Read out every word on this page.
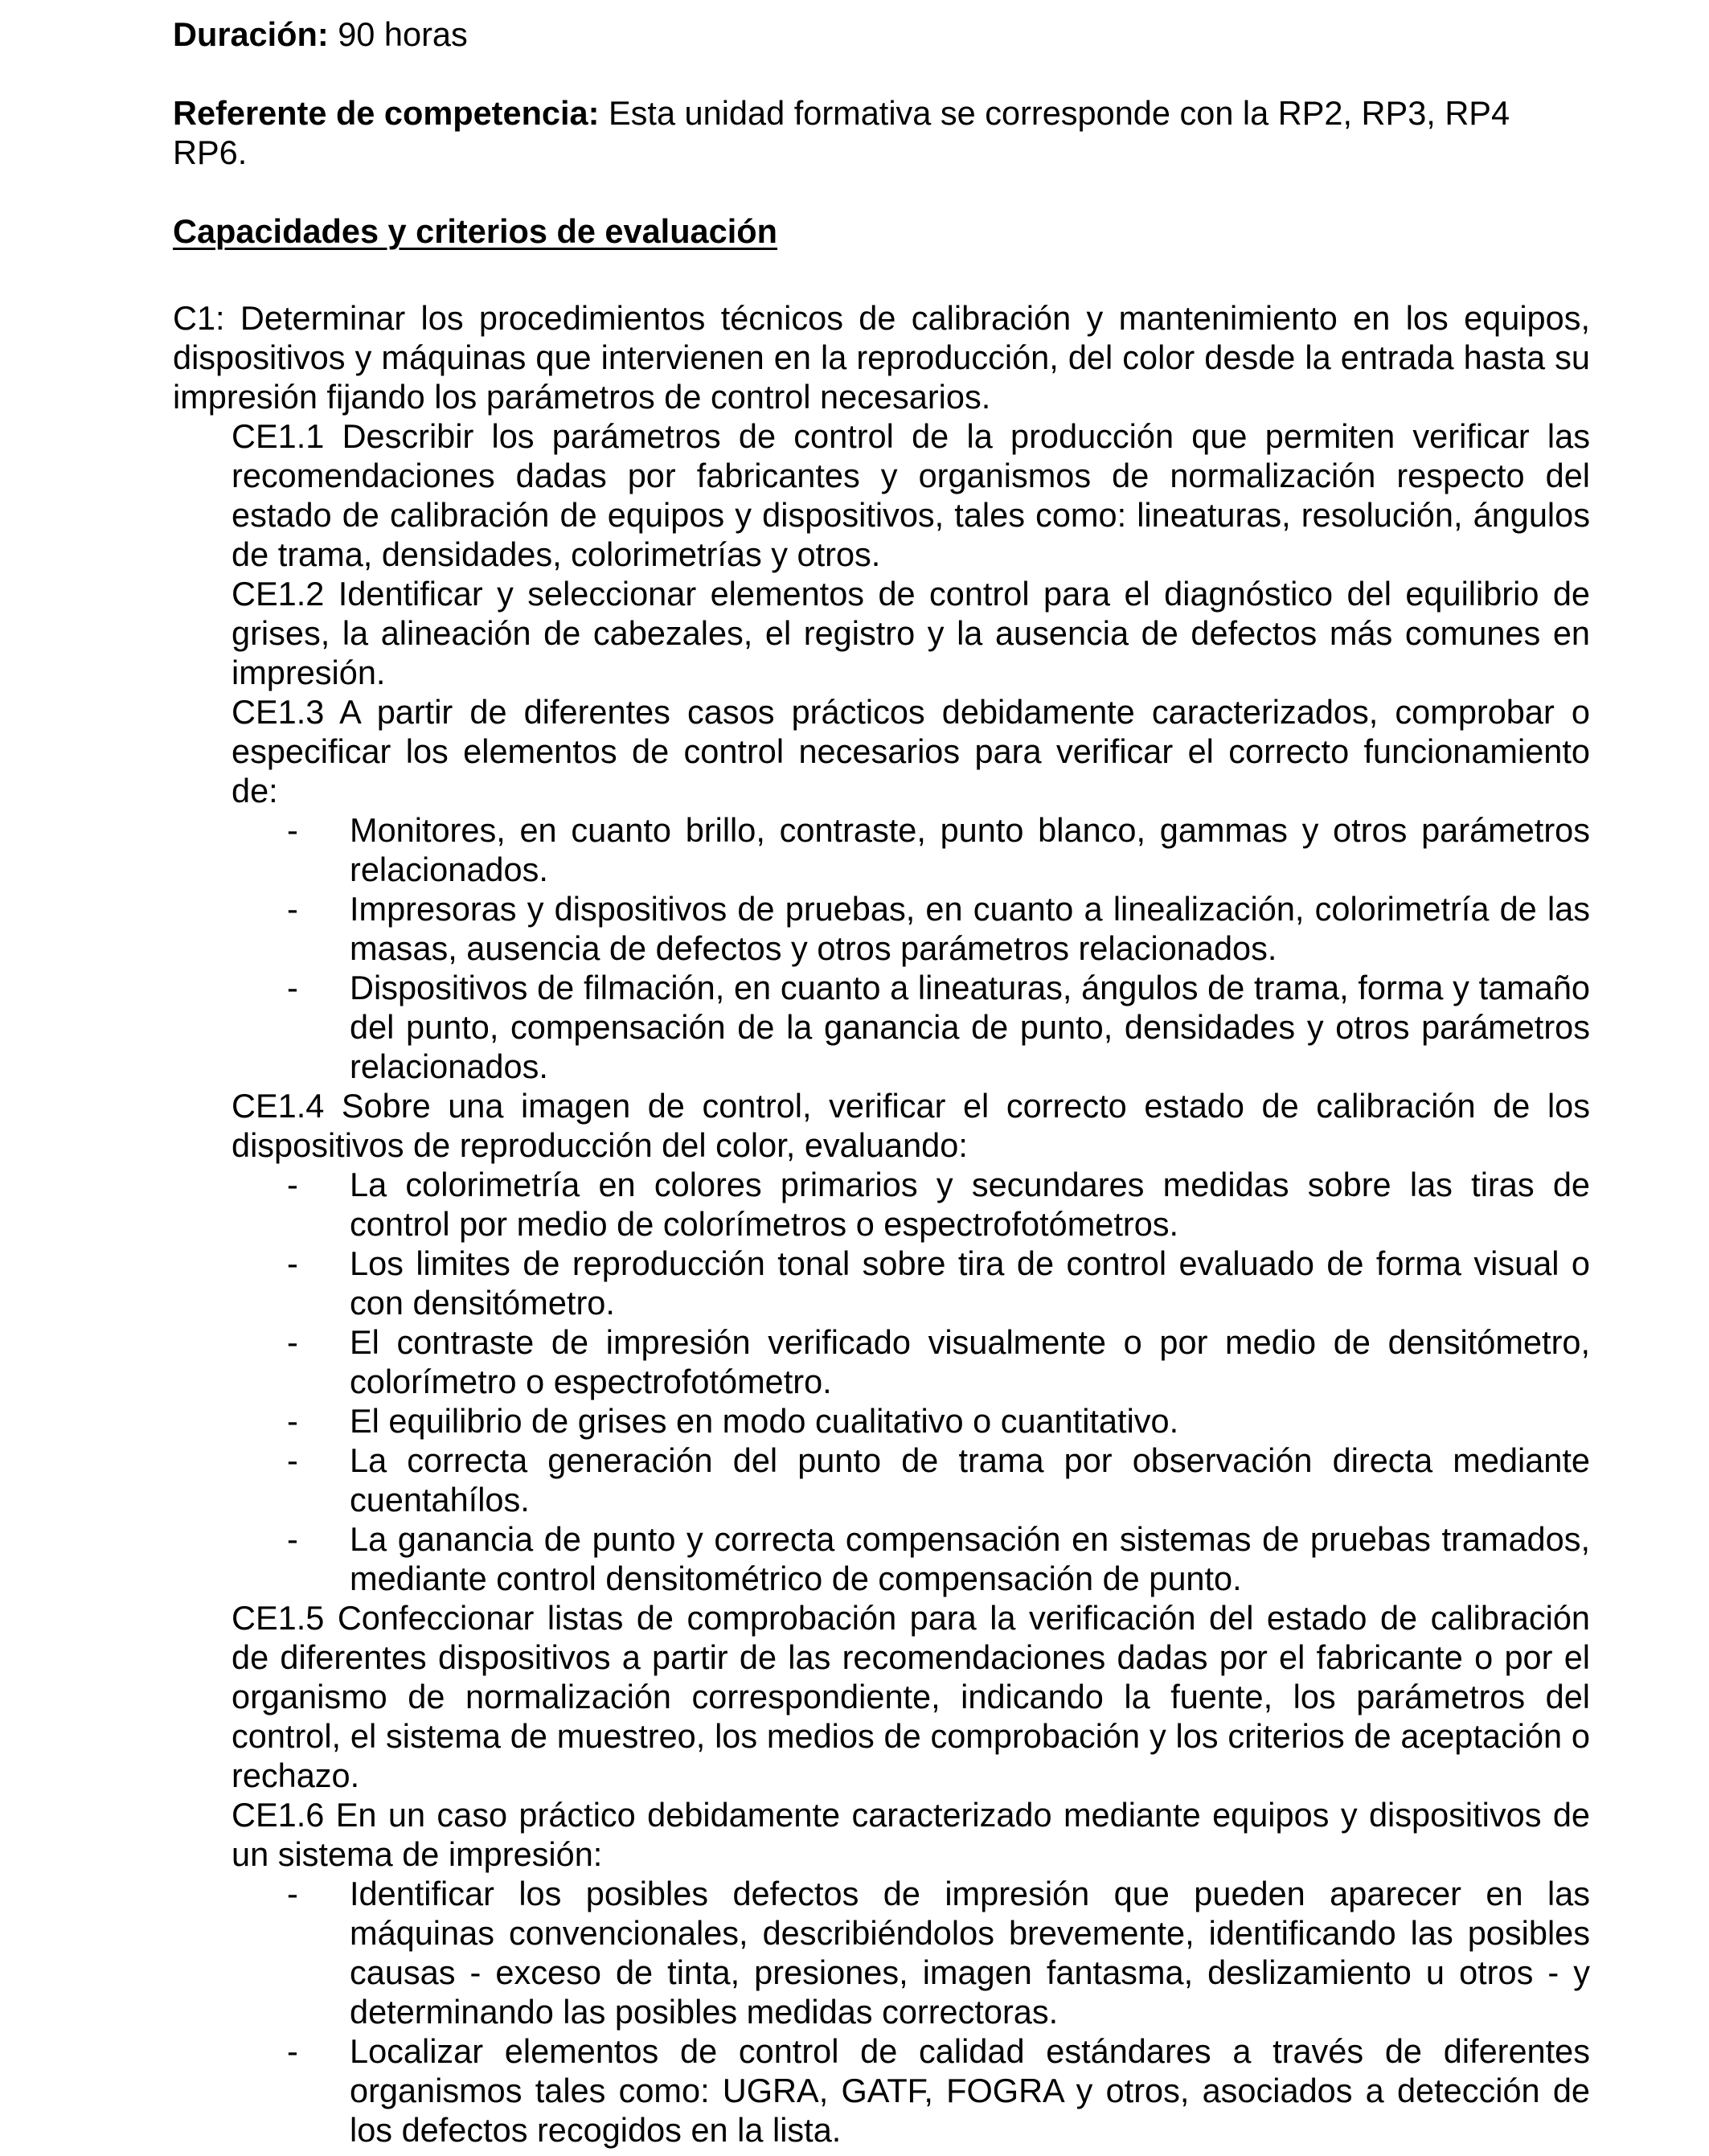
Duración: 90 horas

Referente de competencia: Esta unidad formativa se corresponde con la RP2, RP3, RP4 RP6.

Capacidades y criterios de evaluación

C1: Determinar los procedimientos técnicos de calibración y mantenimiento en los equipos, dispositivos y máquinas que intervienen en la reproducción, del color desde la entrada hasta su impresión fijando los parámetros de control necesarios.

CE1.1 Describir los parámetros de control de la producción que permiten verificar las recomendaciones dadas por fabricantes y organismos de normalización respecto del estado de calibración de equipos y dispositivos, tales como: lineaturas, resolución, ángulos de trama, densidades, colorimetrías y otros.

CE1.2 Identificar y seleccionar elementos de control para el diagnóstico del equilibrio de grises, la alineación de cabezales, el registro y la ausencia de defectos más comunes en impresión.

CE1.3 A partir de diferentes casos prácticos debidamente caracterizados, comprobar o especificar los elementos de control necesarios para verificar el correcto funcionamiento de:

- Monitores, en cuanto brillo, contraste, punto blanco, gammas y otros parámetros relacionados.
- Impresoras y dispositivos de pruebas, en cuanto a linealización, colorimetría de las masas, ausencia de defectos y otros parámetros relacionados.
- Dispositivos de filmación, en cuanto a lineaturas, ángulos de trama, forma y tamaño del punto, compensación de la ganancia de punto, densidades y otros parámetros relacionados.

CE1.4 Sobre una imagen de control, verificar el correcto estado de calibración de los dispositivos de reproducción del color, evaluando:

- La colorimetría en colores primarios y secundares medidas sobre las tiras de control por medio de colorímetros o espectrofotómetros.
- Los limites de reproducción tonal sobre tira de control evaluado de forma visual o con densitómetro.
- El contraste de impresión verificado visualmente o por medio de densitómetro, colorímetro o espectrofotómetro.
- El equilibrio de grises en modo cualitativo o cuantitativo.
- La correcta generación del punto de trama por observación directa mediante cuentahílos.
- La ganancia de punto y correcta compensación en sistemas de pruebas tramados, mediante control densitométrico de compensación de punto.

CE1.5 Confeccionar listas de comprobación para la verificación del estado de calibración de diferentes dispositivos a partir de las recomendaciones dadas por el fabricante o por el organismo de normalización correspondiente, indicando la fuente, los parámetros del control, el sistema de muestreo, los medios de comprobación y los criterios de aceptación o rechazo.

CE1.6 En un caso práctico debidamente caracterizado mediante equipos y dispositivos de un sistema de impresión:

- Identificar los posibles defectos de impresión que pueden aparecer en las máquinas convencionales, describiéndolos brevemente, identificando las posibles causas - exceso de tinta, presiones, imagen fantasma, deslizamiento u otros - y determinando las posibles medidas correctoras.
- Localizar elementos de control de calidad estándares a través de diferentes organismos tales como: UGRA, GATF, FOGRA y otros, asociados a detección de los defectos recogidos en la lista.
